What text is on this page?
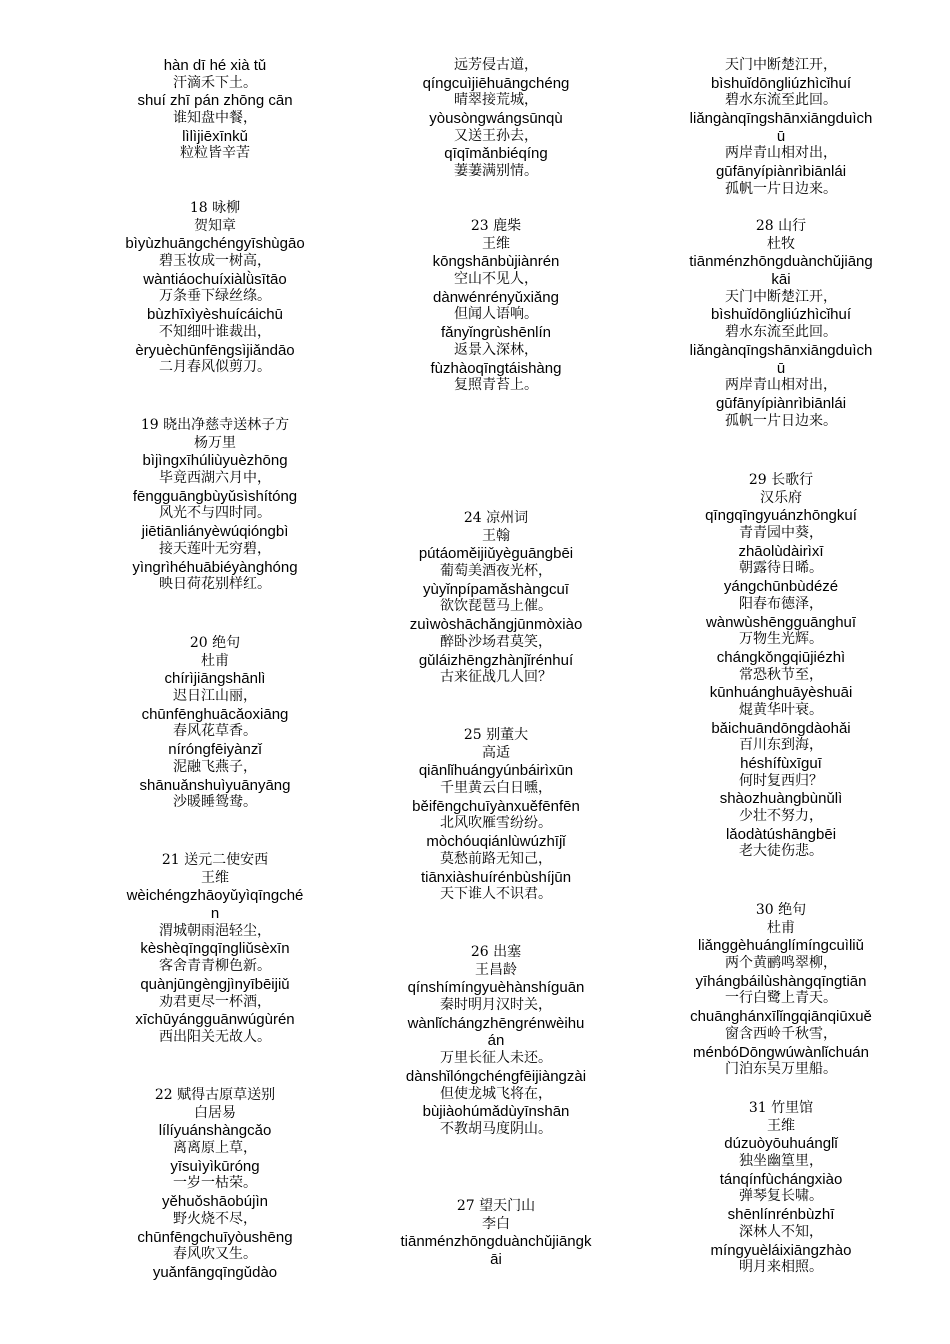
hàn dī hé xià tǔ
汗滴禾下土。
shuí zhī pán zhōng cān
谁知盘中餐，
lìlìjiēxīnkǔ
粒粒皆辛苦
18 咏柳
贺知章
bìyùzhuāngchéngyīshùgāo
碧玉妆成一树高，
wàntiáochuíxiàlǜsītāo
万条垂下绿丝绦。
bùzhīxìyèshuícáichū
不知细叶谁裁出，
èryuèchūnfēngsìjiǎndāo
二月春风似剪刀。
19 晓出净慈寺送林子方
杨万里
bìjìngxīhúliùyuèzhōng
毕竟西湖六月中，
fēngguāngbùyǔsìshítóng
风光不与四时同。
jiētiānliányèwúqióngbì
接天莲叶无穷碧，
yìngrìhéhuābiéyànghóng
映日荷花别样红。
20 绝句
杜甫
chírìjiāngshānlì
迟日江山丽，
chūnfēnghuācǎoxiāng
春风花草香。
níróngfēiyànzǐ
泥融飞燕子，
shānuǎnshuìyuānyāng
沙暖睡鸳鸯。
21 送元二使安西
王维
wèichéngzhāoyǔyìqīngché
n
渭城朝雨浥轻尘，
kèshèqīngqīngliǔsèxīn
客舍青青柳色新。
quànjūngèngjìnyībēijiǔ
劝君更尽一杯酒，
xīchūyángguānwúgùrén
西出阳关无故人。
22 赋得古原草送别
白居易
lílíyuánshàngcǎo
离离原上草，
yīsuìyìkūróng
一岁一枯荣。
yěhuǒshāobújìn
野火烧不尽，
chūnfēngchuīyòushēng
春风吹又生。
yuǎnfāngqīngǔdào
远芳侵古道，
qíngcuìjiēhuāngchéng
晴翠接荒城，
yòusòngwángsūnqù
又送王孙去，
qīqīmǎnbiéqíng
萋萋满别情。
23 鹿柴
王维
kōngshānbùjiànrén
空山不见人，
dànwénrényǔxiǎng
但闻人语响。
fǎnyǐngrùshēnlín
返景入深林，
fùzhàoqīngtáishàng
复照青苔上。
24 凉州词
王翰
pútáoměijiǔyèguāngbēi
葡萄美酒夜光杯，
yùyǐnpípamǎshàngcuī
欲饮琵琶马上催。
zuìwòshāchǎngjūnmòxiào
醉卧沙场君莫笑，
gǔláizhēngzhànjǐrénhuí
古来征战几人回？
25 别董大
高适
qiānlǐhuángyúnbáirìxūn
千里黄云白日曛，
běifēngchuīyànxuěfēnfēn
北风吹雁雪纷纷。
mòchóuqiánlùwúzhījǐ
莫愁前路无知己，
tiānxiàshuírénbùshíjūn
天下谁人不识君。
26 出塞
王昌龄
qínshímíngyuèhànshíguān
秦时明月汉时关，
wànlǐchángzhēngrénwèihu
án
万里长征人未还。
dànshǐlóngchéngfēijiàngzài
但使龙城飞将在，
bùjiàohúmǎdùyīnshān
不教胡马度阴山。
27 望天门山
李白
tiānménzhōngduànchǔjiāngk
āi
天门中断楚江开，
bìshuǐdōngliúzhìcǐhuí
碧水东流至此回。
liǎngànqīngshānxiāngduìch
ū
两岸青山相对出，
gūfānyípiànrìbiānlái
孤帆一片日边来。
28 山行
杜牧
tiānménzhōngduànchǔjiāng
kāi
天门中断楚江开，
bìshuǐdōngliúzhìcǐhuí
碧水东流至此回。
liǎngànqīngshānxiāngduìch
ū
两岸青山相对出，
gūfānyípiànrìbiānlái
孤帆一片日边来。
29 长歌行
汉乐府
qīngqīngyuánzhōngkuí
青青园中葵，
zhāolùdàirìxī
朝露待日晞。
yángchūnbùdézé
阳春布德泽，
wànwùshēngguānghuī
万物生光辉。
chángkǒngqiūjiézhì
常恐秋节至，
kūnhuánghuāyèshuāi
焜黄华叶衰。
bǎichuāndōngdàohǎi
百川东到海，
héshífùxīguī
何时复西归？
shàozhuàngbùnǔlì
少壮不努力，
lǎodàtúshāngbēi
老大徒伤悲。
30 绝句
杜甫
liǎnggèhuánglímíngcuìliǔ
两个黄鹂鸣翠柳，
yīhángbáilùshàngqīngtiān
一行白鹭上青天。
chuānghánxīlǐngqiānqiūxuě
窗含西岭千秋雪，
ménbóDōngwúwànlǐchuán
门泊东吴万里船。
31 竹里馆
王维
dúzuòyōuhuánglǐ
独坐幽篁里，
tánqínfùchángxiào
弹琴复长啸。
shēnlínrénbùzhī
深林人不知，
míngyuèláixiāngzhào
明月来相照。
